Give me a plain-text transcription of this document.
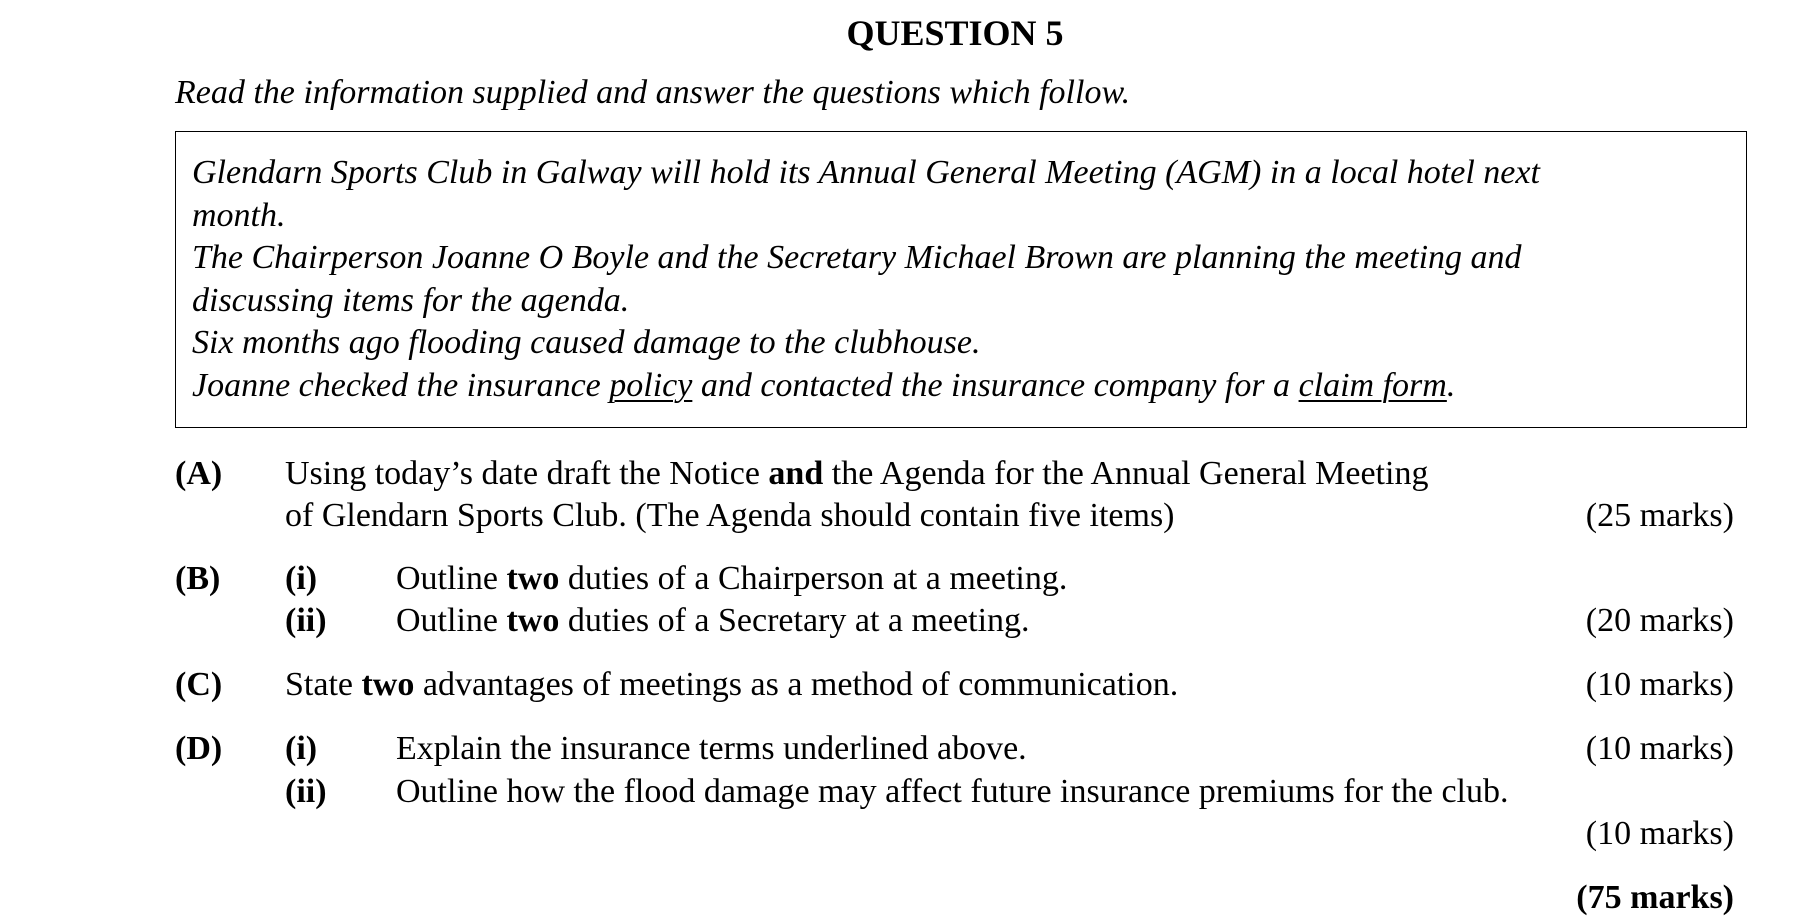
QUESTION 5
Read the information supplied and answer the questions which follow.

Glendarn Sports Club in Galway will hold its Annual General Meeting (AGM) in a local hotel next

month.

The Chairperson Joanne O Boyle and the Secretary Michael Brown are planning the meeting and

discussing items for the agenda.

Six months ago flooding caused damage to the clubhouse.

Joanne checked the insurance policy and contacted the insurance company for a claim form.

(A) Using today’s date draft the Notice and the Agenda for the Annual General Meeting
of Glendarn Sports Club. (The Agenda should contain five items)	(25 marks)
(B) (i) Outline two duties of a Chairperson at a meeting.
(ii) Outline two duties of a Secretary at a meeting.	(20 marks)
(C) State two advantages of meetings as a method of communication.	(10 marks)
(D) (i) Explain the insurance terms underlined above.	(10 marks)
(ii) Outline how the flood damage may affect future insurance premiums for the club.
(10 marks)
(75 marks)
